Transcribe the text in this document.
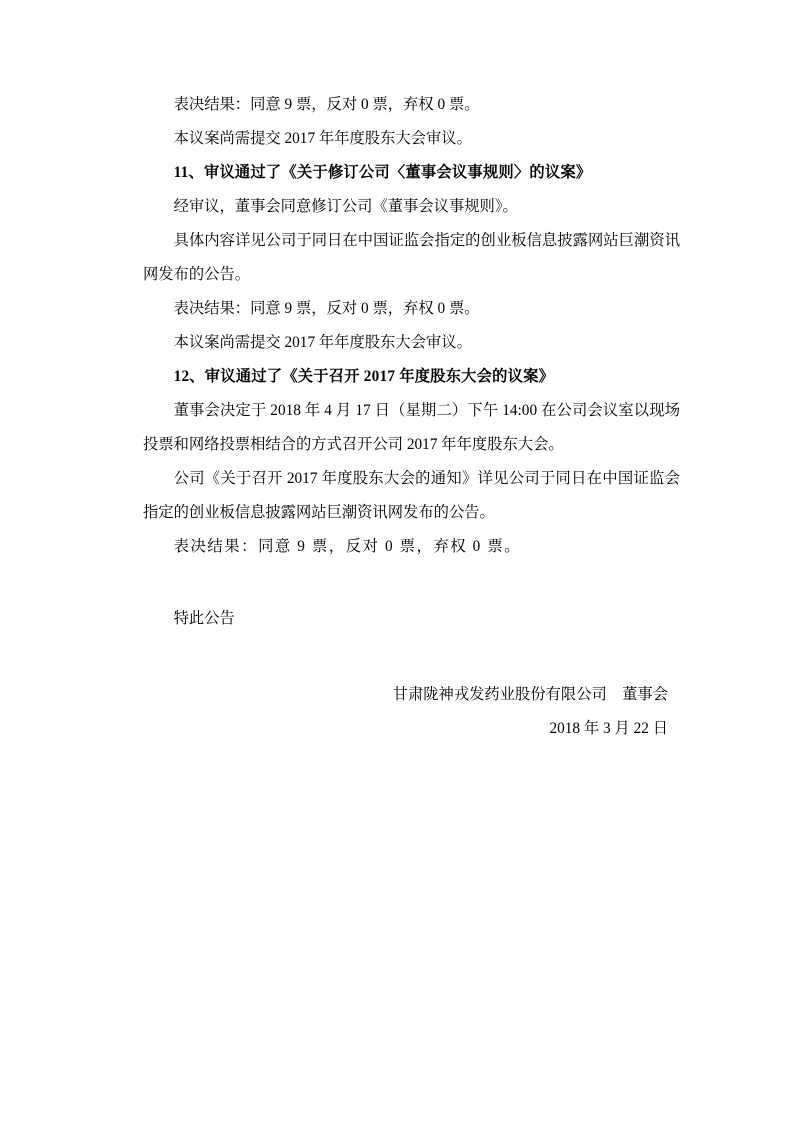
表决结果：同意 9 票，反对 0 票，弃权 0 票。

本议案尚需提交 2017 年年度股东大会审议。

11、审议通过了《关于修订公司〈董事会议事规则〉的议案》

经审议，董事会同意修订公司《董事会议事规则》。

具体内容详见公司于同日在中国证监会指定的创业板信息披露网站巨潮资讯网发布的公告。

表决结果：同意 9 票，反对 0 票，弃权 0 票。

本议案尚需提交 2017 年年度股东大会审议。

12、审议通过了《关于召开 2017 年度股东大会的议案》

董事会决定于 2018 年 4 月 17 日（星期二）下午 14:00 在公司会议室以现场投票和网络投票相结合的方式召开公司 2017 年年度股东大会。

公司《关于召开 2017 年度股东大会的通知》详见公司于同日在中国证监会指定的创业板信息披露网站巨潮资讯网发布的公告。

表决结果：同意 9 票，反对 0 票，弃权 0 票。

特此公告

甘肃陇神戎发药业股份有限公司　董事会

2018 年 3 月 22 日
